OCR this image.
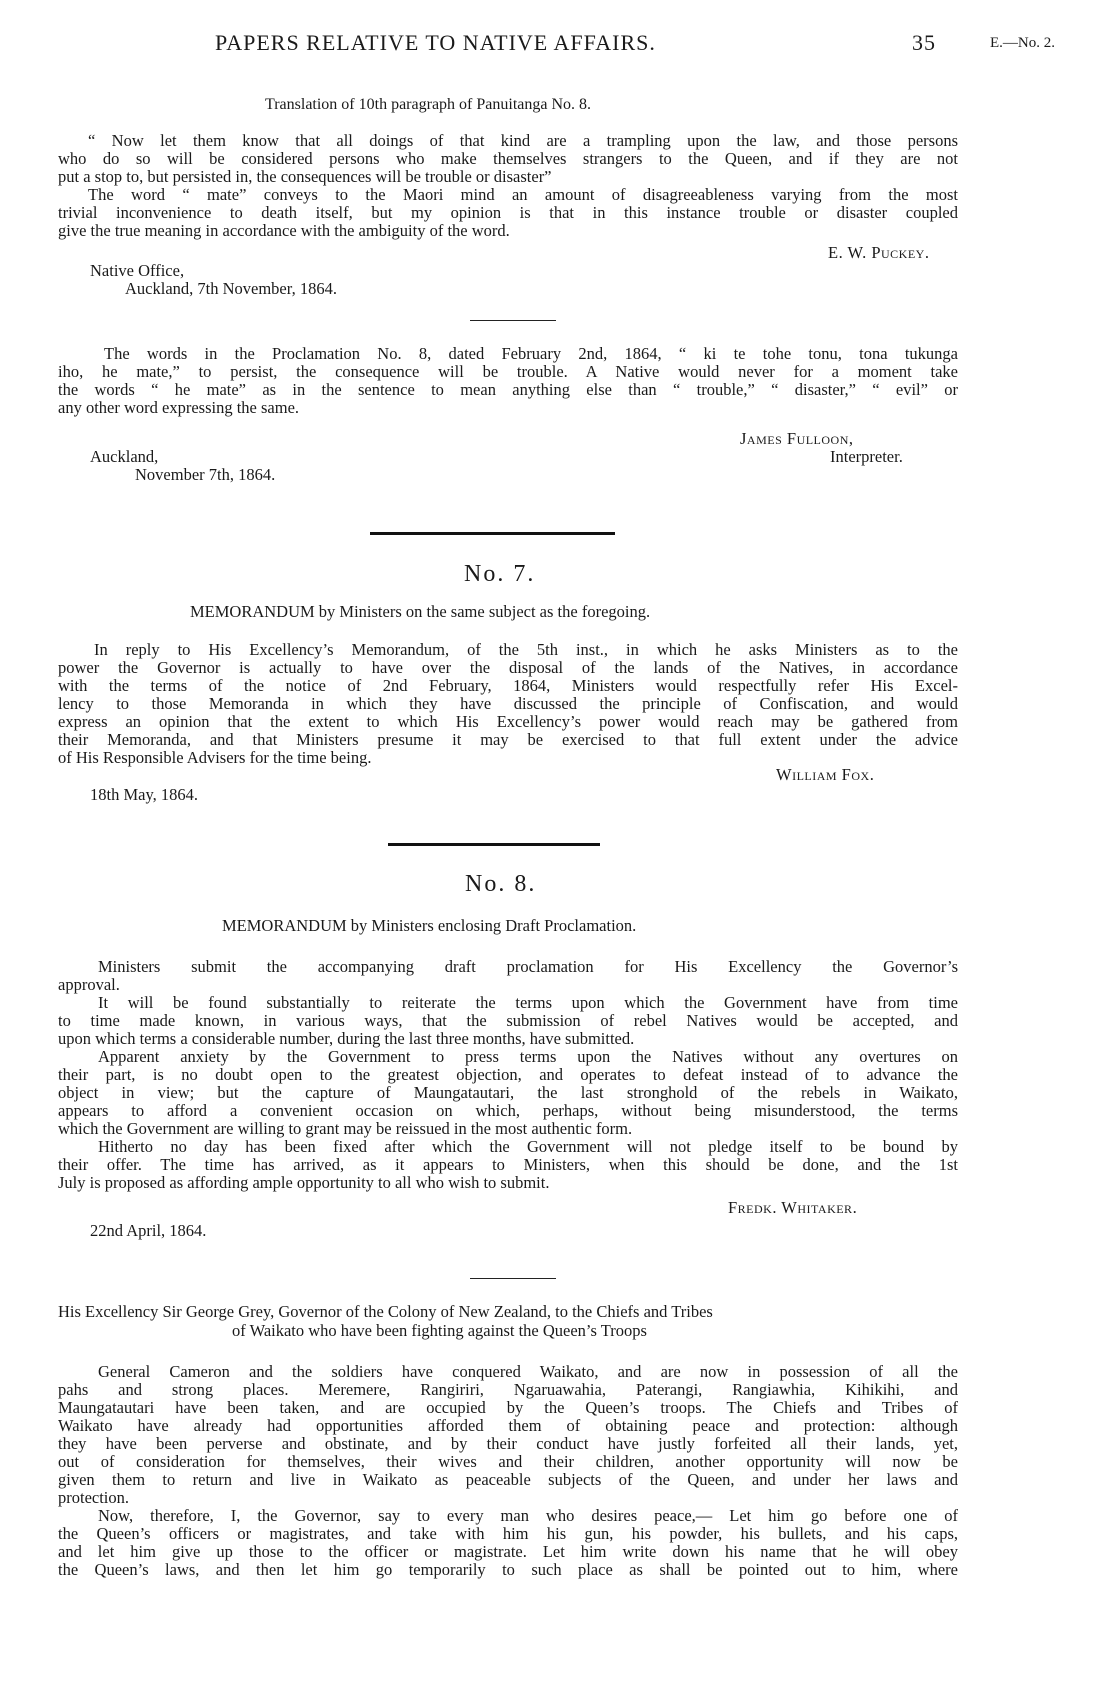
PAPERS RELATIVE TO NATIVE AFFAIRS.	35	E.—No. 2.
Translation of 10th paragraph of Panuitanga No. 8.
“ Now let them know that all doings of that kind are a trampling upon the law, and those persons
who do so will be considered persons who make themselves strangers to the Queen, and if they are not
put a stop to, but persisted in, the consequences will be trouble or disaster”
The word “ mate” conveys to the Maori mind an amount of disagreeableness varying from the most
trivial inconvenience to death itself, but my opinion is that in this instance trouble or disaster coupled
give the true meaning in accordance with the ambiguity of the word.
E. W. Puckey.
Native Office,
Auckland, 7th November, 1864.
The words in the Proclamation No. 8, dated February 2nd, 1864, “ ki te tohe tonu, tona tukunga
iho, he mate,” to persist, the consequence will be trouble. A Native would never for a moment take
the words “ he mate” as in the sentence to mean anything else than “ trouble,” “ disaster,” “ evil” or
any other word expressing the same.
James Fulloon,
Interpreter.
Auckland,
November 7th, 1864.
No. 7.
MEMORANDUM by Ministers on the same subject as the foregoing.
In reply to His Excellency’s Memorandum, of the 5th inst., in which he asks Ministers as to the
power the Governor is actually to have over the disposal of the lands of the Natives, in accordance
with the terms of the notice of 2nd February, 1864, Ministers would respectfully refer His Excel-
lency to those Memoranda in which they have discussed the principle of Confiscation, and would
express an opinion that the extent to which His Excellency’s power would reach may be gathered from
their Memoranda, and that Ministers presume it may be exercised to that full extent under the advice
of His Responsible Advisers for the time being.
William Fox.
18th May, 1864.
No. 8.
MEMORANDUM by Ministers enclosing Draft Proclamation.
Ministers submit the accompanying draft proclamation for His Excellency the Governor’s
approval.
It will be found substantially to reiterate the terms upon which the Government have from time
to time made known, in various ways, that the submission of rebel Natives would be accepted, and
upon which terms a considerable number, during the last three months, have submitted.
Apparent anxiety by the Government to press terms upon the Natives without any overtures on
their part, is no doubt open to the greatest objection, and operates to defeat instead of to advance the
object in view; but the capture of Maungatautari, the last stronghold of the rebels in Waikato,
appears to afford a convenient occasion on which, perhaps, without being misunderstood, the terms
which the Government are willing to grant may be reissued in the most authentic form.
Hitherto no day has been fixed after which the Government will not pledge itself to be bound by
their offer. The time has arrived, as it appears to Ministers, when this should be done, and the 1st
July is proposed as affording ample opportunity to all who wish to submit.
Fredk. Whitaker.
22nd April, 1864.
His Excellency Sir George Grey, Governor of the Colony of New Zealand, to the Chiefs and Tribes
of Waikato who have been fighting against the Queen’s Troops
General Cameron and the soldiers have conquered Waikato, and are now in possession of all the
pahs and strong places. Meremere, Rangiriri, Ngaruawahia, Paterangi, Rangiawhia, Kihikihi, and
Maungatautari have been taken, and are occupied by the Queen’s troops. The Chiefs and Tribes of
Waikato have already had opportunities afforded them of obtaining peace and protection: although
they have been perverse and obstinate, and by their conduct have justly forfeited all their lands, yet,
out of consideration for themselves, their wives and their children, another opportunity will now be
given them to return and live in Waikato as peaceable subjects of the Queen, and under her laws and
protection.
Now, therefore, I, the Governor, say to every man who desires peace,— Let him go before one of
the Queen’s officers or magistrates, and take with him his gun, his powder, his bullets, and his caps,
and let him give up those to the officer or magistrate. Let him write down his name that he will obey
the Queen’s laws, and then let him go temporarily to such place as shall be pointed out to him, where
